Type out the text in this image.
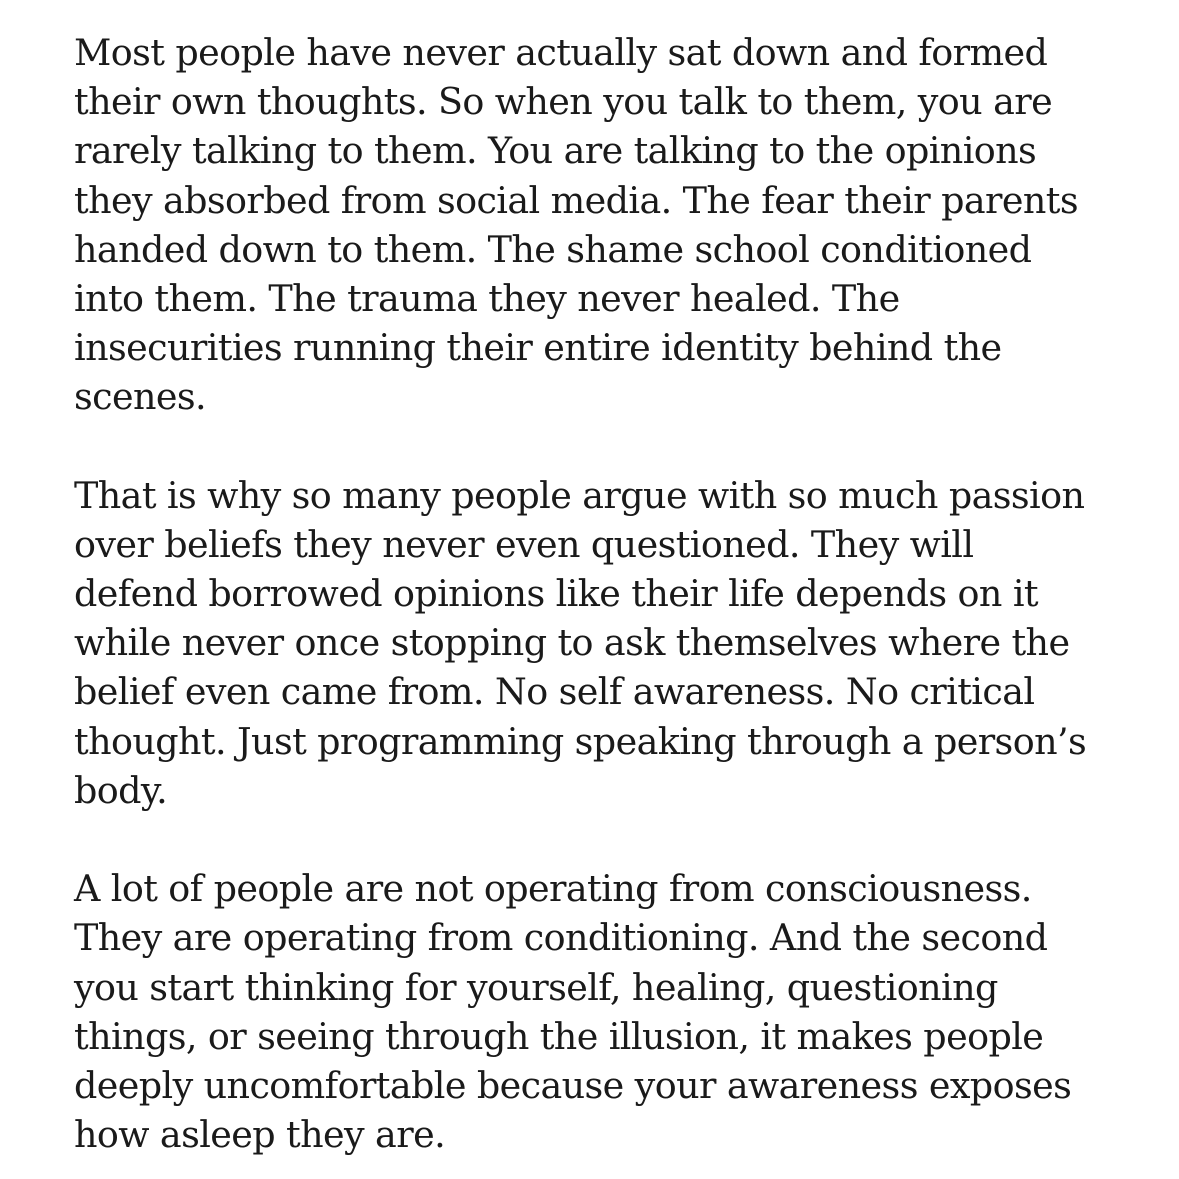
Most people have never actually sat down and formed
their own thoughts. So when you talk to them, you are
rarely talking to them. You are talking to the opinions
they absorbed from social media. The fear their parents
handed down to them. The shame school conditioned
into them. The trauma they never healed. The
insecurities running their entire identity behind the
scenes.
That is why so many people argue with so much passion
over beliefs they never even questioned. They will
defend borrowed opinions like their life depends on it
while never once stopping to ask themselves where the
belief even came from. No self awareness. No critical
thought. Just programming speaking through a person’s
body.
A lot of people are not operating from consciousness.
They are operating from conditioning. And the second
you start thinking for yourself, healing, questioning
things, or seeing through the illusion, it makes people
deeply uncomfortable because your awareness exposes
how asleep they are.
